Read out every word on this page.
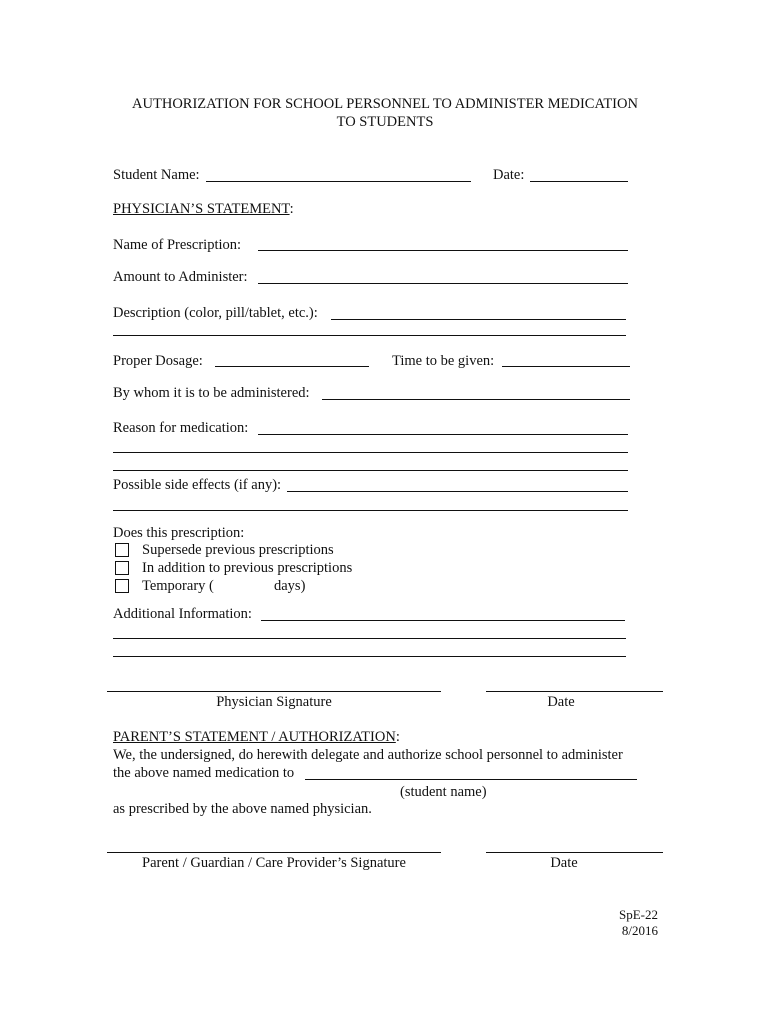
AUTHORIZATION FOR SCHOOL PERSONNEL TO ADMINISTER MEDICATION
TO STUDENTS
Student Name:	Date:
PHYSICIAN’S STATEMENT:
Name of Prescription:
Amount to Administer:
Description (color, pill/tablet, etc.):
Proper Dosage:	Time to be given:
By whom it is to be administered:
Reason for medication:
Possible side effects (if any):
Does this prescription:
Supersede previous prescriptions
In addition to previous prescriptions
Temporary (	days)
Additional Information:
Physician Signature	Date
PARENT’S STATEMENT / AUTHORIZATION:
We, the undersigned, do herewith delegate and authorize school personnel to administer
the above named medication to
(student name)
as prescribed by the above named physician.
Parent / Guardian / Care Provider’s Signature	Date
SpE-22
8/2016
